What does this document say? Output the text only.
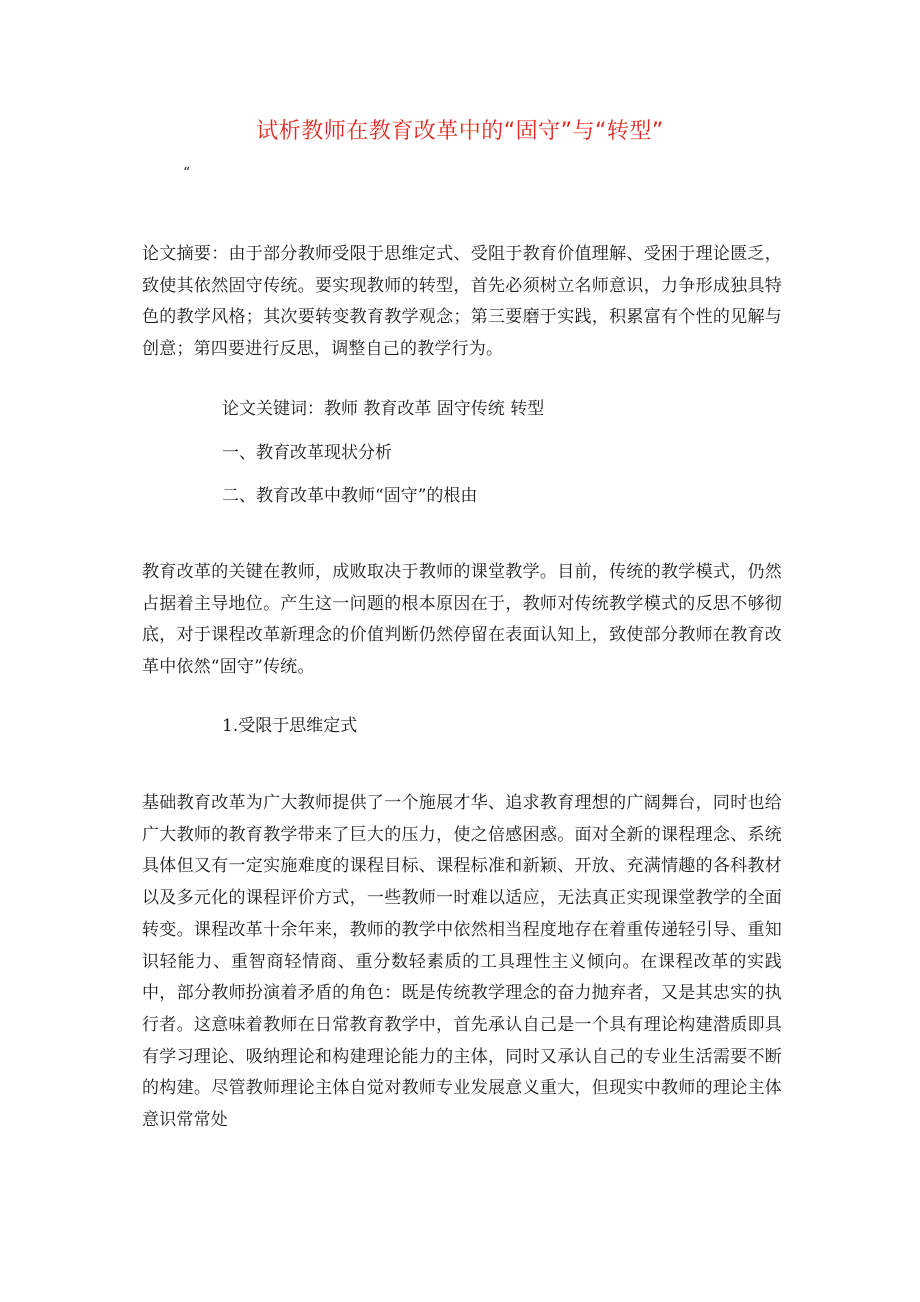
试析教师在教育改革中的“固守”与“转型”
“
论文摘要：由于部分教师受限于思维定式、受阻于教育价值理解、受困于理论匮乏，致使其依然固守传统。要实现教师的转型，首先必须树立名师意识，力争形成独具特色的教学风格；其次要转变教育教学观念；第三要磨于实践，积累富有个性的见解与创意；第四要进行反思，调整自己的教学行为。
论文关键词：教师 教育改革 固守传统 转型
一、教育改革现状分析
二、教育改革中教师“固守”的根由
教育改革的关键在教师，成败取决于教师的课堂教学。目前，传统的教学模式，仍然占据着主导地位。产生这一问题的根本原因在于，教师对传统教学模式的反思不够彻底，对于课程改革新理念的价值判断仍然停留在表面认知上，致使部分教师在教育改革中依然“固守”传统。
1.受限于思维定式
基础教育改革为广大教师提供了一个施展才华、追求教育理想的广阔舞台，同时也给广大教师的教育教学带来了巨大的压力，使之倍感困惑。面对全新的课程理念、系统具体但又有一定实施难度的课程目标、课程标准和新颖、开放、充满情趣的各科教材以及多元化的课程评价方式，一些教师一时难以适应，无法真正实现课堂教学的全面转变。课程改革十余年来，教师的教学中依然相当程度地存在着重传递轻引导、重知识轻能力、重智商轻情商、重分数轻素质的工具理性主义倾向。在课程改革的实践中，部分教师扮演着矛盾的角色：既是传统教学理念的奋力抛弃者，又是其忠实的执行者。这意味着教师在日常教育教学中，首先承认自己是一个具有理论构建潜质即具有学习理论、吸纳理论和构建理论能力的主体，同时又承认自己的专业生活需要不断的构建。尽管教师理论主体自觉对教师专业发展意义重大，但现实中教师的理论主体意识常常处
